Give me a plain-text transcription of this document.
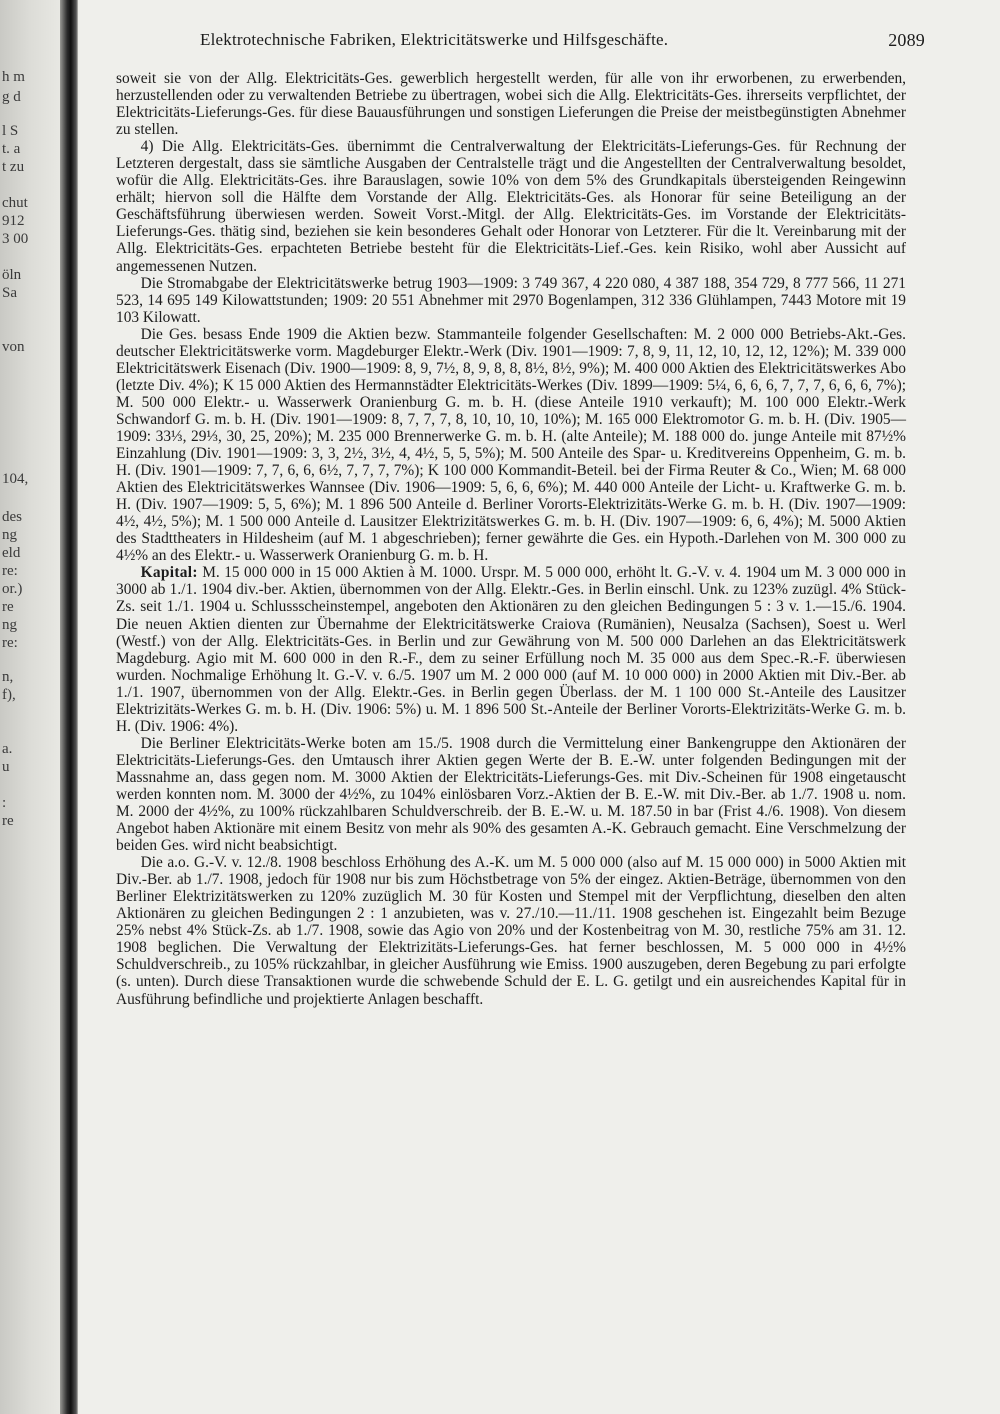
h m
g d
l S
t. a
t zu
chut
912
3 00
öln
Sa
von
104,
des
ng
eld
re:
or.)
re
ng
re:
n,
f),
a.
u
:
re
Elektrotechnische Fabriken, Elektricitätswerke und Hilfsgeschäfte.	2089

soweit sie von der Allg. Elektricitäts-Ges. gewerblich hergestellt werden, für alle von ihr erworbenen, zu erwerbenden, herzustellenden oder zu verwaltenden Betriebe zu übertragen, wobei sich die Allg. Elektricitäts-Ges. ihrerseits verpflichtet, der Elektricitäts-Lieferungs-Ges. für diese Bauausführungen und sonstigen Lieferungen die Preise der meistbegünstigten Abnehmer zu stellen.

4) Die Allg. Elektricitäts-Ges. übernimmt die Centralverwaltung der Elektricitäts-Lieferungs-Ges. für Rechnung der Letzteren dergestalt, dass sie sämtliche Ausgaben der Centralstelle trägt und die Angestellten der Centralverwaltung besoldet, wofür die Allg. Elektricitäts-Ges. ihre Barauslagen, sowie 10% von dem 5% des Grundkapitals übersteigenden Reingewinn erhält; hiervon soll die Hälfte dem Vorstande der Allg. Elektricitäts-Ges. als Honorar für seine Beteiligung an der Geschäftsführung überwiesen werden. Soweit Vorst.-Mitgl. der Allg. Elektricitäts-Ges. im Vorstande der Elektricitäts-Lieferungs-Ges. thätig sind, beziehen sie kein besonderes Gehalt oder Honorar von Letzterer. Für die lt. Vereinbarung mit der Allg. Elektricitäts-Ges. erpachteten Betriebe besteht für die Elektricitäts-Lief.-Ges. kein Risiko, wohl aber Aussicht auf angemessenen Nutzen.

Die Stromabgabe der Elektricitätswerke betrug 1903—1909: 3 749 367, 4 220 080, 4 387 188, 354 729, 8 777 566, 11 271 523, 14 695 149 Kilowattstunden; 1909: 20 551 Abnehmer mit 2970 Bogenlampen, 312 336 Glühlampen, 7443 Motore mit 19 103 Kilowatt.

Die Ges. besass Ende 1909 die Aktien bezw. Stammanteile folgender Gesellschaften: M. 2 000 000 Betriebs-Akt.-Ges. deutscher Elektricitätswerke vorm. Magdeburger Elektr.-Werk (Div. 1901—1909: 7, 8, 9, 11, 12, 10, 12, 12, 12%); M. 339 000 Elektricitätswerk Eisenach (Div. 1900—1909: 8, 9, 7½, 8, 9, 8, 8, 8½, 8½, 9%); M. 400 000 Aktien des Elektricitätswerkes Abo (letzte Div. 4%); K 15 000 Aktien des Hermannstädter Elektricitäts-Werkes (Div. 1899—1909: 5¼, 6, 6, 6, 7, 7, 7, 6, 6, 6, 7%); M. 500 000 Elektr.- u. Wasserwerk Oranienburg G. m. b. H. (diese Anteile 1910 verkauft); M. 100 000 Elektr.-Werk Schwandorf G. m. b. H. (Div. 1901—1909: 8, 7, 7, 7, 8, 10, 10, 10, 10%); M. 165 000 Elektromotor G. m. b. H. (Div. 1905—1909: 33⅓, 29⅓, 30, 25, 20%); M. 235 000 Brennerwerke G. m. b. H. (alte Anteile); M. 188 000 do. junge Anteile mit 87½% Einzahlung (Div. 1901—1909: 3, 3, 2½, 3½, 4, 4½, 5, 5, 5%); M. 500 Anteile des Spar- u. Kreditvereins Oppenheim, G. m. b. H. (Div. 1901—1909: 7, 7, 6, 6, 6½, 7, 7, 7, 7%); K 100 000 Kommandit-Beteil. bei der Firma Reuter & Co., Wien; M. 68 000 Aktien des Elektricitätswerkes Wannsee (Div. 1906—1909: 5, 6, 6, 6%); M. 440 000 Anteile der Licht- u. Kraftwerke G. m. b. H. (Div. 1907—1909: 5, 5, 6%); M. 1 896 500 Anteile d. Berliner Vororts-Elektrizitäts-Werke G. m. b. H. (Div. 1907—1909: 4½, 4½, 5%); M. 1 500 000 Anteile d. Lausitzer Elektrizitätswerkes G. m. b. H. (Div. 1907—1909: 6, 6, 4%); M. 5000 Aktien des Stadttheaters in Hildesheim (auf M. 1 abgeschrieben); ferner gewährte die Ges. ein Hypoth.-Darlehen von M. 300 000 zu 4½% an des Elektr.- u. Wasserwerk Oranienburg G. m. b. H.

Kapital: M. 15 000 000 in 15 000 Aktien à M. 1000. Urspr. M. 5 000 000, erhöht lt. G.-V. v. 4. 1904 um M. 3 000 000 in 3000 ab 1./1. 1904 div.-ber. Aktien, übernommen von der Allg. Elektr.-Ges. in Berlin einschl. Unk. zu 123% zuzügl. 4% Stück-Zs. seit 1./1. 1904 u. Schlussscheinstempel, angeboten den Aktionären zu den gleichen Bedingungen 5 : 3 v. 1.—15./6. 1904. Die neuen Aktien dienten zur Übernahme der Elektricitätswerke Craiova (Rumänien), Neusalza (Sachsen), Soest u. Werl (Westf.) von der Allg. Elektricitäts-Ges. in Berlin und zur Gewährung von M. 500 000 Darlehen an das Elektricitätswerk Magdeburg. Agio mit M. 600 000 in den R.-F., dem zu seiner Erfüllung noch M. 35 000 aus dem Spec.-R.-F. überwiesen wurden. Nochmalige Erhöhung lt. G.-V. v. 6./5. 1907 um M. 2 000 000 (auf M. 10 000 000) in 2000 Aktien mit Div.-Ber. ab 1./1. 1907, übernommen von der Allg. Elektr.-Ges. in Berlin gegen Überlass. der M. 1 100 000 St.-Anteile des Lausitzer Elektrizitäts-Werkes G. m. b. H. (Div. 1906: 5%) u. M. 1 896 500 St.-Anteile der Berliner Vororts-Elektrizitäts-Werke G. m. b. H. (Div. 1906: 4%).

Die Berliner Elektricitäts-Werke boten am 15./5. 1908 durch die Vermittelung einer Bankengruppe den Aktionären der Elektricitäts-Lieferungs-Ges. den Umtausch ihrer Aktien gegen Werte der B. E.-W. unter folgenden Bedingungen mit der Massnahme an, dass gegen nom. M. 3000 Aktien der Elektricitäts-Lieferungs-Ges. mit Div.-Scheinen für 1908 eingetauscht werden konnten nom. M. 3000 der 4½%, zu 104% einlösbaren Vorz.-Aktien der B. E.-W. mit Div.-Ber. ab 1./7. 1908 u. nom. M. 2000 der 4½%, zu 100% rückzahlbaren Schuldverschreib. der B. E.-W. u. M. 187.50 in bar (Frist 4./6. 1908). Von diesem Angebot haben Aktionäre mit einem Besitz von mehr als 90% des gesamten A.-K. Gebrauch gemacht. Eine Verschmelzung der beiden Ges. wird nicht beabsichtigt.

Die a.o. G.-V. v. 12./8. 1908 beschloss Erhöhung des A.-K. um M. 5 000 000 (also auf M. 15 000 000) in 5000 Aktien mit Div.-Ber. ab 1./7. 1908, jedoch für 1908 nur bis zum Höchstbetrage von 5% der eingez. Aktien-Beträge, übernommen von den Berliner Elektrizitätswerken zu 120% zuzüglich M. 30 für Kosten und Stempel mit der Verpflichtung, dieselben den alten Aktionären zu gleichen Bedingungen 2 : 1 anzubieten, was v. 27./10.—11./11. 1908 geschehen ist. Eingezahlt beim Bezuge 25% nebst 4% Stück-Zs. ab 1./7. 1908, sowie das Agio von 20% und der Kostenbeitrag von M. 30, restliche 75% am 31. 12. 1908 beglichen. Die Verwaltung der Elektrizitäts-Lieferungs-Ges. hat ferner beschlossen, M. 5 000 000 in 4½% Schuldverschreib., zu 105% rückzahlbar, in gleicher Ausführung wie Emiss. 1900 auszugeben, deren Begebung zu pari erfolgte (s. unten). Durch diese Transaktionen wurde die schwebende Schuld der E. L. G. getilgt und ein ausreichendes Kapital für in Ausführung befindliche und projektierte Anlagen beschafft.
